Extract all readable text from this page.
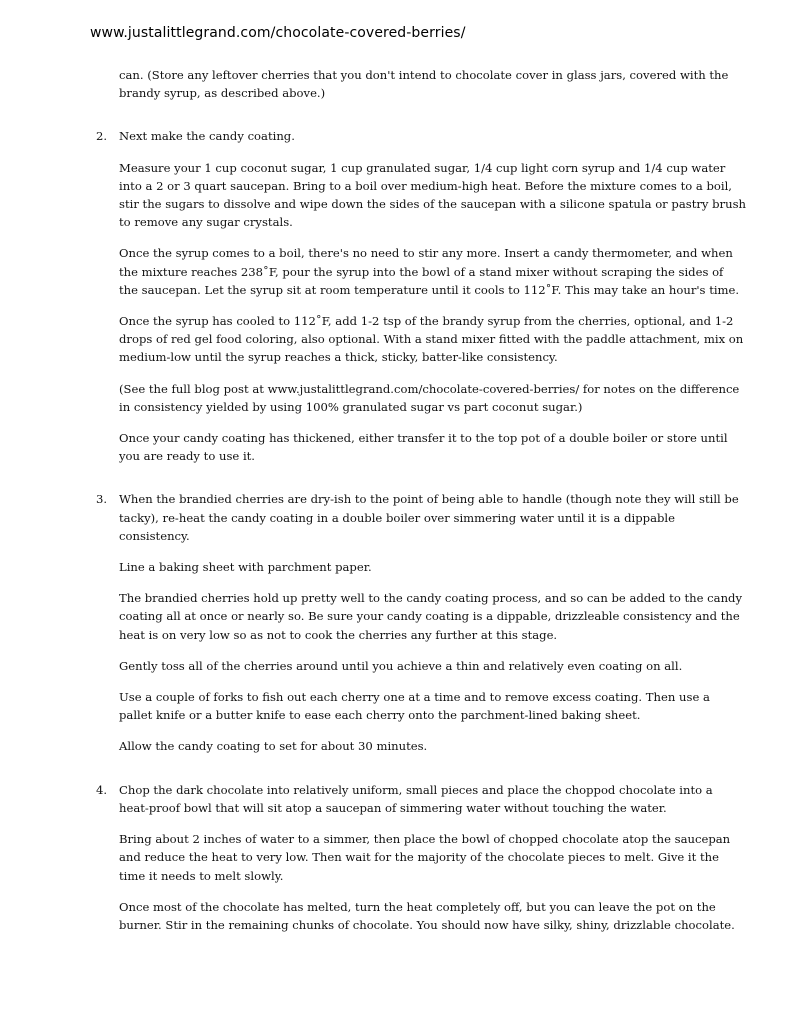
www.justalittlegrand.com/chocolate-covered-berries/

can. (Store any leftover cherries that you don't intend to chocolate cover in glass jars, covered with the brandy syrup, as described above.)

2. Next make the candy coating.

Measure your 1 cup coconut sugar, 1 cup granulated sugar, 1/4 cup light corn syrup and 1/4 cup water into a 2 or 3 quart saucepan. Bring to a boil over medium-high heat. Before the mixture comes to a boil, stir the sugars to dissolve and wipe down the sides of the saucepan with a silicone spatula or pastry brush to remove any sugar crystals.

Once the syrup comes to a boil, there's no need to stir any more. Insert a candy thermometer, and when the mixture reaches 238˚F, pour the syrup into the bowl of a stand mixer without scraping the sides of the saucepan. Let the syrup sit at room temperature until it cools to 112˚F. This may take an hour's time.

Once the syrup has cooled to 112˚F, add 1-2 tsp of the brandy syrup from the cherries, optional, and 1-2 drops of red gel food coloring, also optional. With a stand mixer fitted with the paddle attachment, mix on medium-low until the syrup reaches a thick, sticky, batter-like consistency.

(See the full blog post at www.justalittlegrand.com/chocolate-covered-berries/ for notes on the difference in consistency yielded by using 100% granulated sugar vs part coconut sugar.)

Once your candy coating has thickened, either transfer it to the top pot of a double boiler or store until you are ready to use it.

3. When the brandied cherries are dry-ish to the point of being able to handle (though note they will still be tacky), re-heat the candy coating in a double boiler over simmering water until it is a dippable consistency.

Line a baking sheet with parchment paper.

The brandied cherries hold up pretty well to the candy coating process, and so can be added to the candy coating all at once or nearly so. Be sure your candy coating is a dippable, drizzleable consistency and the heat is on very low so as not to cook the cherries any further at this stage.

Gently toss all of the cherries around until you achieve a thin and relatively even coating on all.

Use a couple of forks to fish out each cherry one at a time and to remove excess coating. Then use a pallet knife or a butter knife to ease each cherry onto the parchment-lined baking sheet.

Allow the candy coating to set for about 30 minutes.

4. Chop the dark chocolate into relatively uniform, small pieces and place the choppod chocolate into a heat-proof bowl that will sit atop a saucepan of simmering water without touching the water.

Bring about 2 inches of water to a simmer, then place the bowl of chopped chocolate atop the saucepan and reduce the heat to very low. Then wait for the majority of the chocolate pieces to melt. Give it the time it needs to melt slowly.

Once most of the chocolate has melted, turn the heat completely off, but you can leave the pot on the burner. Stir in the remaining chunks of chocolate. You should now have silky, shiny, drizzlable chocolate.
